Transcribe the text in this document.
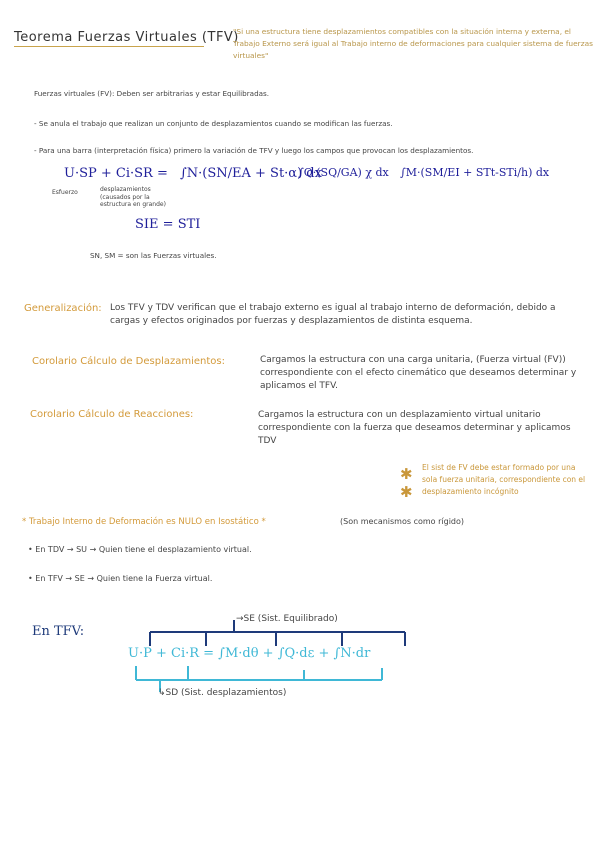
Teorema Fuerzas Virtuales (TFV)
"Si una estructura tiene desplazamientos compatibles con la situación interna y externa, el Trabajo Externo será igual al Trabajo interno de deformaciones para cualquier sistema de fuerzas virtuales"
Fuerzas virtuales (FV): Deben ser arbitrarias y estar Equilibradas.
- Se anula el trabajo que realizan un conjunto de desplazamientos cuando se modifican las fuerzas.
- Para una barra (interpretación física) primero la variación de TFV y luego los campos que provocan los desplazamientos.
U·SP + Ci·SR = ∫N·(SN/EA + St·α) dx
∫Q·(SQ/GA) χ dx ∫M·(SM/EI + STt-STi/h) dx
Esfuerzo	desplazamientos
(causados por la estructura en grande)
SIE = STI
SN, SM = son las Fuerzas virtuales.
Generalización: Los TFV y TDV verifican que el trabajo externo es igual al trabajo interno de deformación, debido a cargas y efectos originados por fuerzas y desplazamientos de distinta esquema.
Corolario Cálculo de Desplazamientos:	Cargamos la estructura con una carga unitaria, (Fuerza virtual (FV)) correspondiente con el efecto cinemático que deseamos determinar y aplicamos el TFV.
Corolario Cálculo de Reacciones:	Cargamos la estructura con un desplazamiento virtual unitario correspondiente con la fuerza que deseamos determinar y aplicamos TDV
✱
✱
El sist de FV debe estar formado por una sola fuerza unitaria, correspondiente con el desplazamiento incógnito
* Trabajo Interno de Deformación es NULO en Isostático *	(Son mecanismos como rígido)
• En TDV → SU → Quien tiene el desplazamiento virtual.
• En TFV → SE → Quien tiene la Fuerza virtual.
En TFV:
→SE (Sist. Equilibrado)
U·P + Ci·R = ∫M·dθ + ∫Q·dε + ∫N·dr
↳SD (Sist. desplazamientos)
